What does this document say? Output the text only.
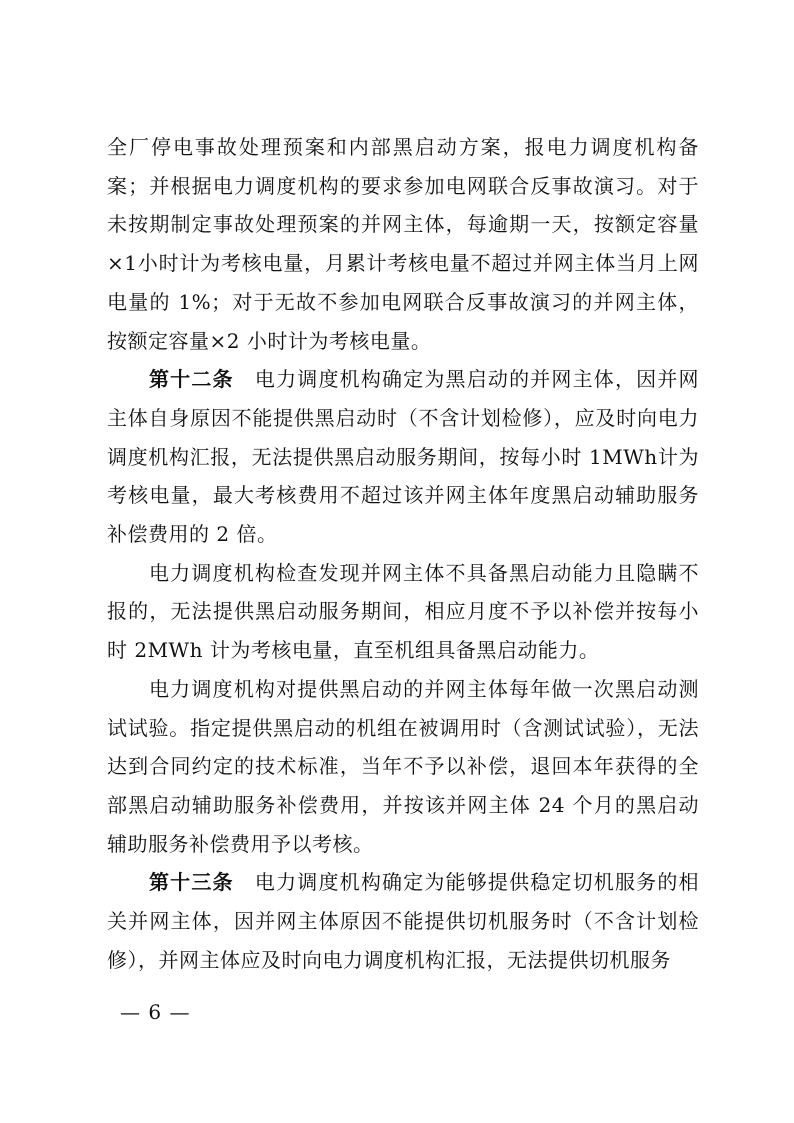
全厂停电事故处理预案和内部黑启动方案，报电力调度机构备案；并根据电力调度机构的要求参加电网联合反事故演习。对于未按期制定事故处理预案的并网主体，每逾期一天，按额定容量×1小时计为考核电量，月累计考核电量不超过并网主体当月上网电量的 1%；对于无故不参加电网联合反事故演习的并网主体，按额定容量×2 小时计为考核电量。

第十二条  电力调度机构确定为黑启动的并网主体，因并网主体自身原因不能提供黑启动时（不含计划检修），应及时向电力调度机构汇报，无法提供黑启动服务期间，按每小时 1MWh计为考核电量，最大考核费用不超过该并网主体年度黑启动辅助服务补偿费用的 2 倍。

电力调度机构检查发现并网主体不具备黑启动能力且隐瞒不报的，无法提供黑启动服务期间，相应月度不予以补偿并按每小时 2MWh 计为考核电量，直至机组具备黑启动能力。

电力调度机构对提供黑启动的并网主体每年做一次黑启动测试试验。指定提供黑启动的机组在被调用时（含测试试验），无法达到合同约定的技术标准，当年不予以补偿，退回本年获得的全部黑启动辅助服务补偿费用，并按该并网主体 24 个月的黑启动辅助服务补偿费用予以考核。

第十三条  电力调度机构确定为能够提供稳定切机服务的相关并网主体，因并网主体原因不能提供切机服务时（不含计划检修），并网主体应及时向电力调度机构汇报，无法提供切机服务

— 6 —
